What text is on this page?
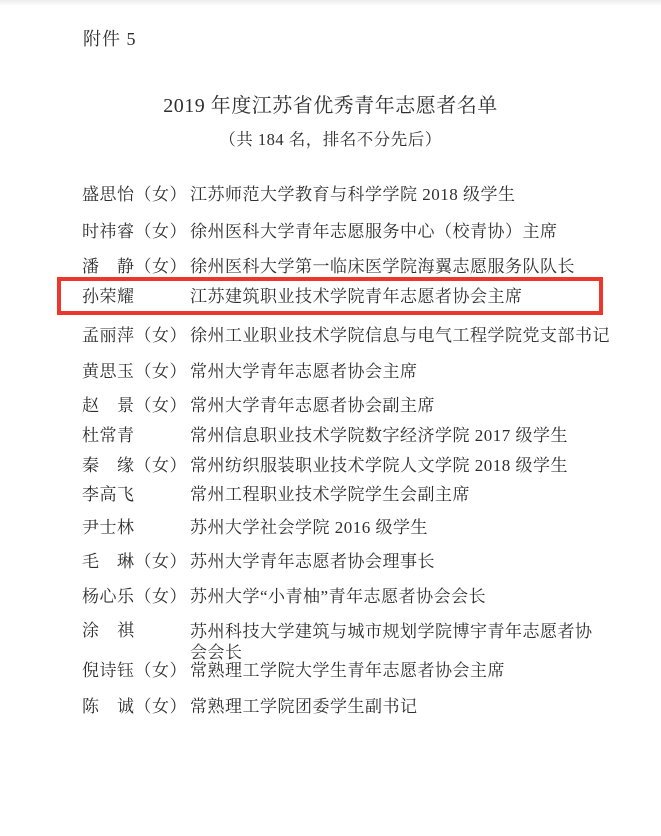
附件 5
2019 年度江苏省优秀青年志愿者名单
（共 184 名，排名不分先后）
盛思怡（女） 江苏师范大学教育与科学学院 2018 级学生
时祎睿（女） 徐州医科大学青年志愿服务中心（校青协）主席
潘　静（女） 徐州医科大学第一临床医学院海翼志愿服务队队长
孙荣耀	江苏建筑职业技术学院青年志愿者协会主席
孟丽萍（女） 徐州工业职业技术学院信息与电气工程学院党支部书记
黄思玉（女） 常州大学青年志愿者协会主席
赵　景（女） 常州大学青年志愿者协会副主席
杜常青	常州信息职业技术学院数字经济学院 2017 级学生
秦　缘（女） 常州纺织服装职业技术学院人文学院 2018 级学生
李高飞	常州工程职业技术学院学生会副主席
尹士林	苏州大学社会学院 2016 级学生
毛　琳（女） 苏州大学青年志愿者协会理事长
杨心乐（女） 苏州大学“小青柚”青年志愿者协会会长
涂　祺	苏州科技大学建筑与城市规划学院博宇青年志愿者协
会会长
倪诗钰（女） 常熟理工学院大学生青年志愿者协会主席
陈　诚（女） 常熟理工学院团委学生副书记
